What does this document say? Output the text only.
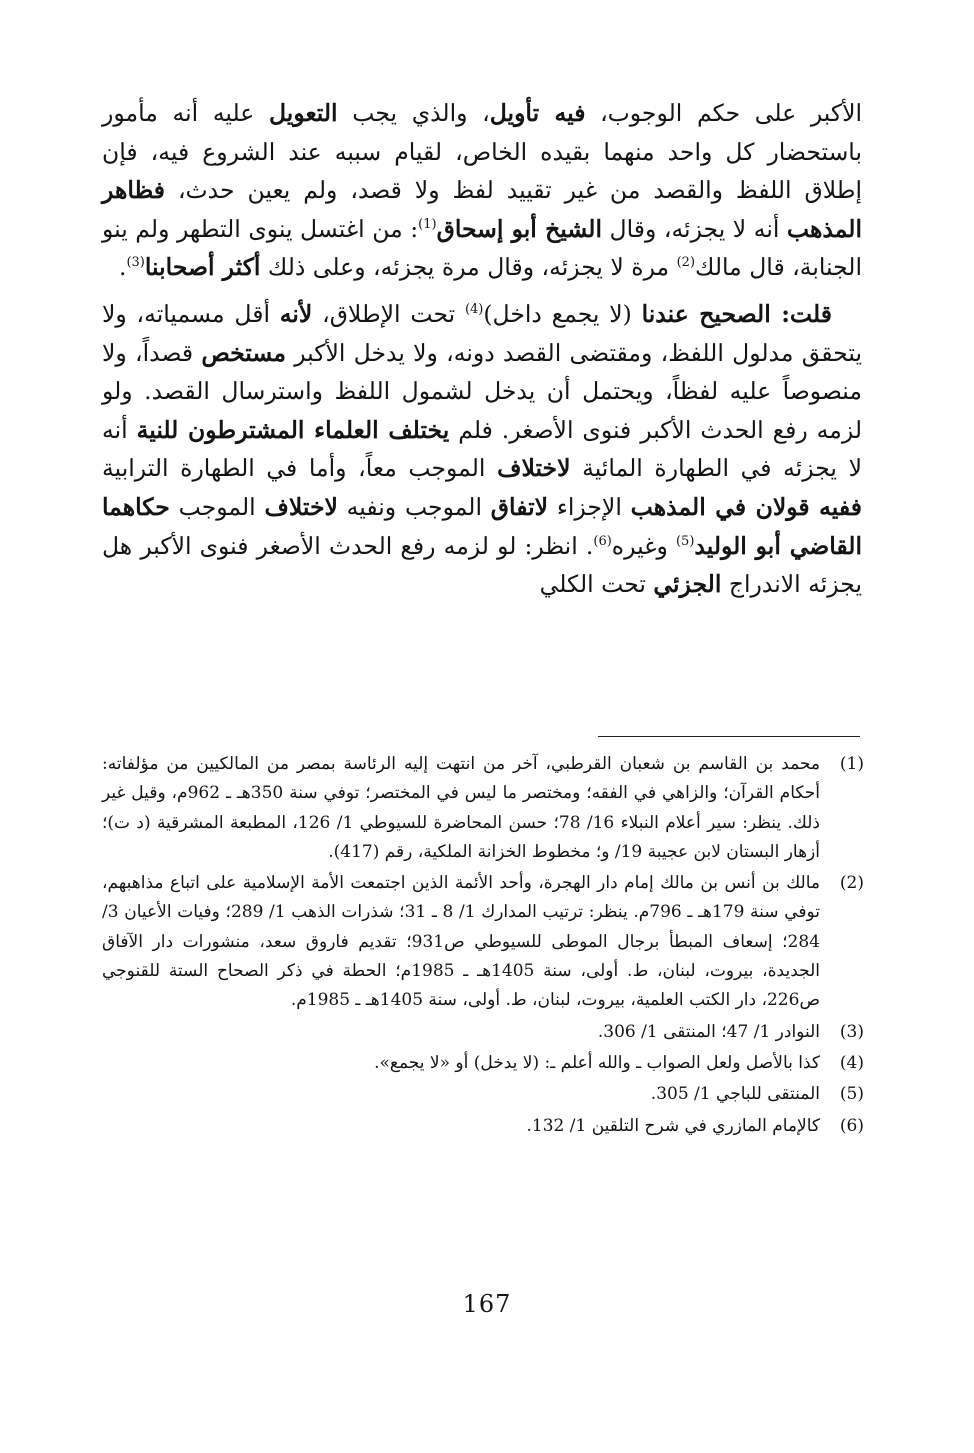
الأكبر على حكم الوجوب، فيه تأويل، والذي يجب التعويل عليه أنه مأمور باستحضار كل واحد منهما بقيده الخاص، لقيام سببه عند الشروع فيه، فإن إطلاق اللفظ والقصد من غير تقييد لفظ ولا قصد، ولم يعين حدث، فظاهر المذهب أنه لا يجزئه، وقال الشيخ أبو إسحاق$^{(1)}$: من اغتسل ينوى التطهر ولم ينو الجنابة، قال مالك$^{(2)}$ مرة لا يجزئه، وقال مرة يجزئه، وعلى ذلك أكثر أصحابنا$^{(3)}$.

قلت: الصحيح عندنا (لا يجمع داخل)$^{(4)}$ تحت الإطلاق، لأنه أقل مسمياته، ولا يتحقق مدلول اللفظ، ومقتضى القصد دونه، ولا يدخل الأكبر مستخص قصداً، ولا منصوصاً عليه لفظاً، ويحتمل أن يدخل لشمول اللفظ واسترسال القصد. ولو لزمه رفع الحدث الأكبر فنوى الأصغر. فلم يختلف العلماء المشترطون للنية أنه لا يجزئه في الطهارة المائية لاختلاف الموجب معاً، وأما في الطهارة الترابية ففيه قولان في المذهب الإجزاء لاتفاق الموجب ونفيه لاختلاف الموجب حكاهما القاضي أبو الوليد$^{(5)}$ وغيره$^{(6)}$. انظر: لو لزمه رفع الحدث الأصغر فنوى الأكبر هل يجزئه الاندراج الجزئي تحت الكلي

(1)
محمد بن القاسم بن شعبان القرطبي، آخر من انتهت إليه الرئاسة بمصر من المالكيين من مؤلفاته: أحكام القرآن؛ والزاهي في الفقه؛ ومختصر ما ليس في المختصر؛ توفي سنة 350هـ ـ 962م، وقيل غير ذلك. ينظر: سير أعلام النبلاء 16/ 78؛ حسن المحاضرة للسيوطي 1/ 126، المطبعة المشرقية (د ت)؛ أزهار البستان لابن عجيبة 19/ و؛ مخطوط الخزانة الملكية، رقم (417).
(2)
مالك بن أنس بن مالك إمام دار الهجرة، وأحد الأئمة الذين اجتمعت الأمة الإسلامية على اتباع مذاهبهم، توفي سنة 179هـ ـ 796م. ينظر: ترتيب المدارك 1/ 8 ـ 31؛ شذرات الذهب 1/ 289؛ وفيات الأعيان 3/ 284؛ إسعاف المبطأ برجال الموطى للسيوطي ص931؛ تقديم فاروق سعد، منشورات دار الآفاق الجديدة، بيروت، لبنان، ط. أولى، سنة 1405هـ ـ 1985م؛ الحطة في ذكر الصحاح الستة للقنوجي ص226، دار الكتب العلمية، بيروت، لبنان، ط. أولى، سنة 1405هـ ـ 1985م.
(3)
النوادر 1/ 47؛ المنتقى 1/ 306.
(4)
كذا بالأصل ولعل الصواب ـ والله أعلم ـ: (لا يدخل) أو «لا يجمع».
(5)
المنتقى للباجي 1/ 305.
(6)
كالإمام المازري في شرح التلقين 1/ 132.
167
